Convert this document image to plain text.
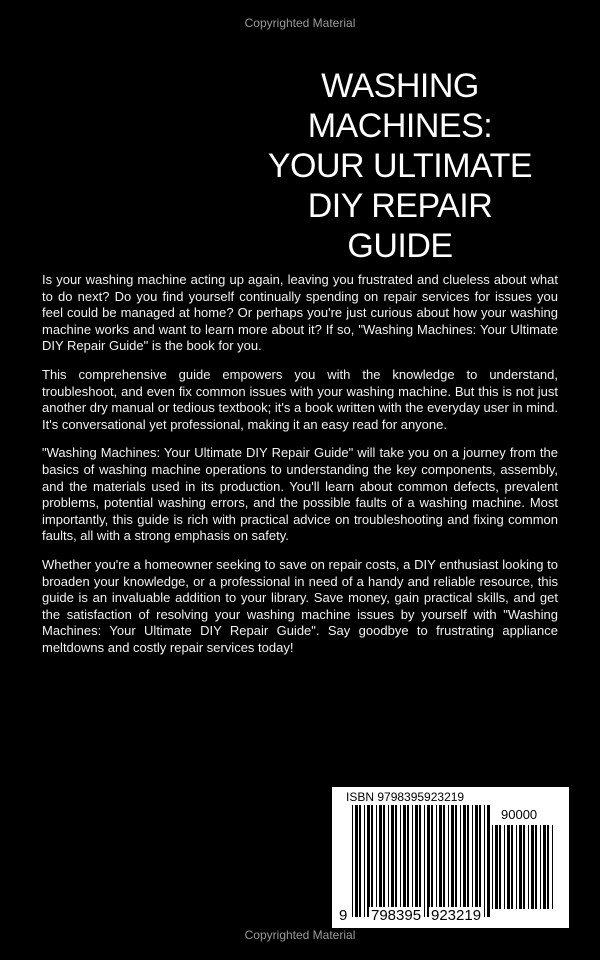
Copyrighted Material
WASHING MACHINES: YOUR ULTIMATE DIY REPAIR GUIDE

Is your washing machine acting up again, leaving you frustrated and clueless about what to do next? Do you find yourself continually spending on repair services for issues you feel could be managed at home? Or perhaps you're just curious about how your washing machine works and want to learn more about it? If so, "Washing Machines: Your Ultimate DIY Repair Guide" is the book for you.

This comprehensive guide empowers you with the knowledge to understand, troubleshoot, and even fix common issues with your washing machine. But this is not just another dry manual or tedious textbook; it's a book written with the everyday user in mind. It's conversational yet professional, making it an easy read for anyone.

"Washing Machines: Your Ultimate DIY Repair Guide" will take you on a journey from the basics of washing machine operations to understanding the key components, assembly, and the materials used in its production. You'll learn about common defects, prevalent problems, potential washing errors, and the possible faults of a washing machine. Most importantly, this guide is rich with practical advice on troubleshooting and fixing common faults, all with a strong emphasis on safety.

Whether you're a homeowner seeking to save on repair costs, a DIY enthusiast looking to broaden your knowledge, or a professional in need of a handy and reliable resource, this guide is an invaluable addition to your library. Save money, gain practical skills, and get the satisfaction of resolving your washing machine issues by yourself with "Washing Machines: Your Ultimate DIY Repair Guide". Say goodbye to frustrating appliance meltdowns and costly repair services today!

ISBN 9798395923219
90000
9 798395 923219
Copyrighted Material
